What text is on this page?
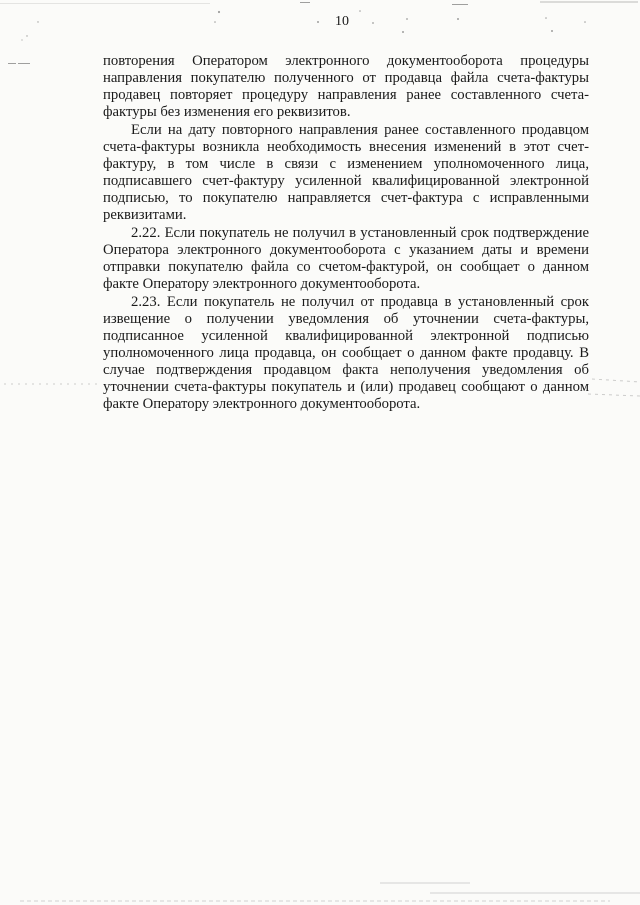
10

повторения Оператором электронного документооборота процедуры направления покупателю полученного от продавца файла счета-фактуры продавец повторяет процедуру направления ранее составленного счета-фактуры без изменения его реквизитов.

Если на дату повторного направления ранее составленного продавцом счета-фактуры возникла необходимость внесения изменений в этот счет-фактуру, в том числе в связи с изменением уполномоченного лица, подписавшего счет-фактуру усиленной квалифицированной электронной подписью, то покупателю направляется счет-фактура с исправленными реквизитами.

2.22. Если покупатель не получил в установленный срок подтверждение Оператора электронного документооборота с указанием даты и времени отправки покупателю файла со счетом-фактурой, он сообщает о данном факте Оператору электронного документооборота.

2.23. Если покупатель не получил от продавца в установленный срок извещение о получении уведомления об уточнении счета-фактуры, подписанное усиленной квалифицированной электронной подписью уполномоченного лица продавца, он сообщает о данном факте продавцу. В случае подтверждения продавцом факта неполучения уведомления об уточнении счета-фактуры покупатель и (или) продавец сообщают о данном факте Оператору электронного документооборота.
